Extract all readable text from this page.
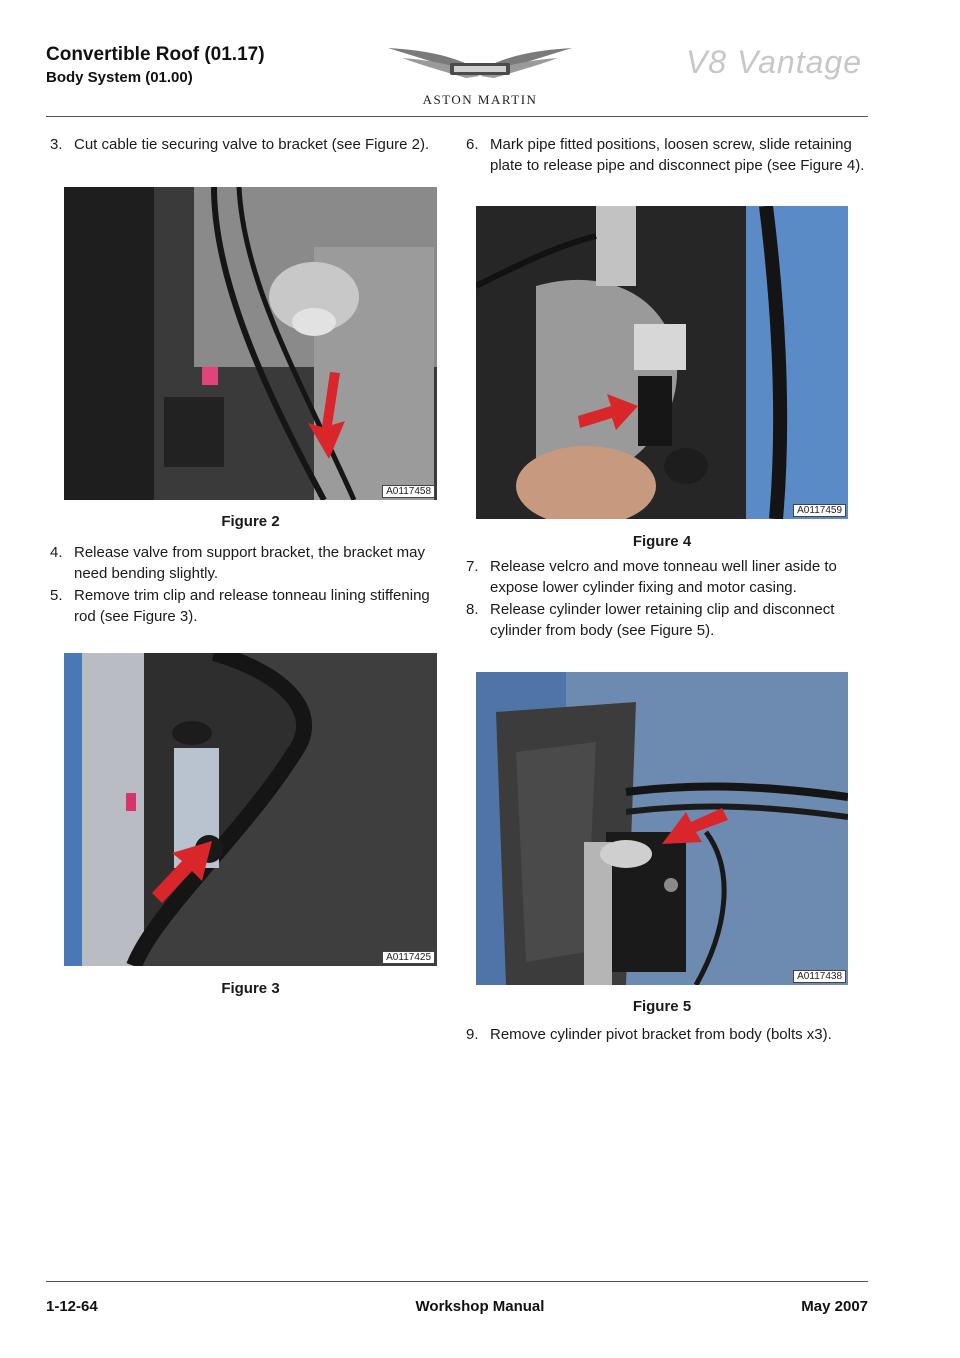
Convertible Roof (01.17)
Body System (01.00)
ASTON MARTIN
V8 Vantage
3. Cut cable tie securing valve to bracket (see Figure 2).
A0117458
Figure 2
4. Release valve from support bracket, the bracket may
need bending slightly.
5. Remove trim clip and release tonneau lining stiffening
rod (see Figure 3).
A0117425
Figure 3
6. Mark pipe fitted positions, loosen screw, slide retaining
plate to release pipe and disconnect pipe (see Figure 4).
A0117459
Figure 4
7. Release velcro and move tonneau well liner aside to
expose lower cylinder fixing and motor casing.
8. Release cylinder lower retaining clip and disconnect
cylinder from body (see Figure 5).
A0117438
Figure 5
9. Remove cylinder pivot bracket from body (bolts x3).
1-12-64	Workshop Manual	May 2007
